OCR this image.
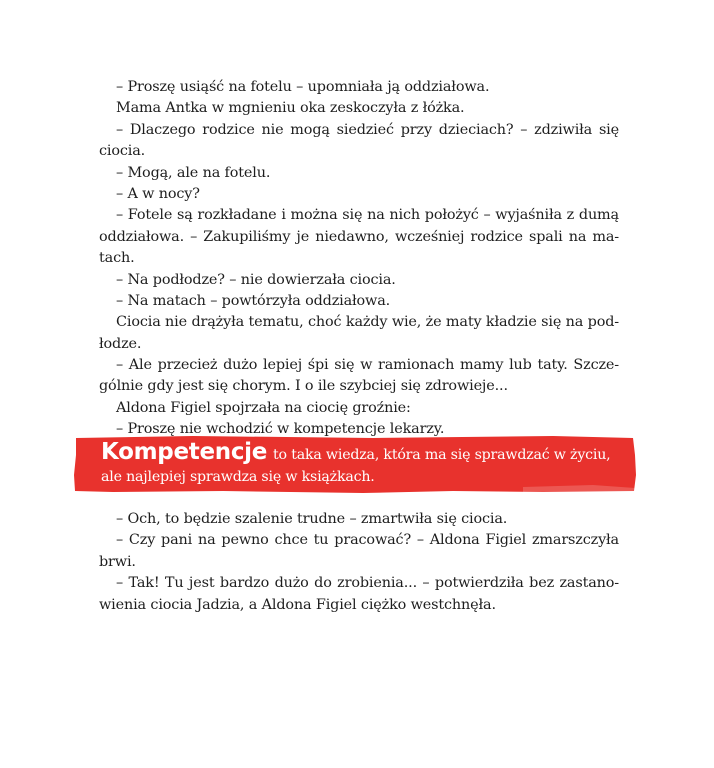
– Proszę usiąść na fotelu – upomniała ją oddziałowa.
Mama Antka w mgnieniu oka zeskoczyła z łóżka.
– Dlaczego rodzice nie mogą siedzieć przy dzieciach? – zdziwiła się
ciocia.
– Mogą, ale na fotelu.
– A w nocy?
– Fotele są rozkładane i można się na nich położyć – wyjaśniła z dumą
oddziałowa. – Zakupiliśmy je niedawno, wcześniej rodzice spali na ma-
tach.
– Na podłodze? – nie dowierzała ciocia.
– Na matach – powtórzyła oddziałowa.
Ciocia nie drążyła tematu, choć każdy wie, że maty kładzie się na pod-
łodze.
– Ale przecież dużo lepiej śpi się w ramionach mamy lub taty. Szcze-
gólnie gdy jest się chorym. I o ile szybciej się zdrowieje...
Aldona Figiel spojrzała na ciocię groźnie:
– Proszę nie wchodzić w kompetencje lekarzy.
Kompetencje to taka wiedza, która ma się sprawdzać w życiu,
ale najlepiej sprawdza się w książkach.
– Och, to będzie szalenie trudne – zmartwiła się ciocia.
– Czy pani na pewno chce tu pracować? – Aldona Figiel zmarszczyła
brwi.
– Tak! Tu jest bardzo dużo do zrobienia... – potwierdziła bez zastano-
wienia ciocia Jadzia, a Aldona Figiel ciężko westchnęła.
